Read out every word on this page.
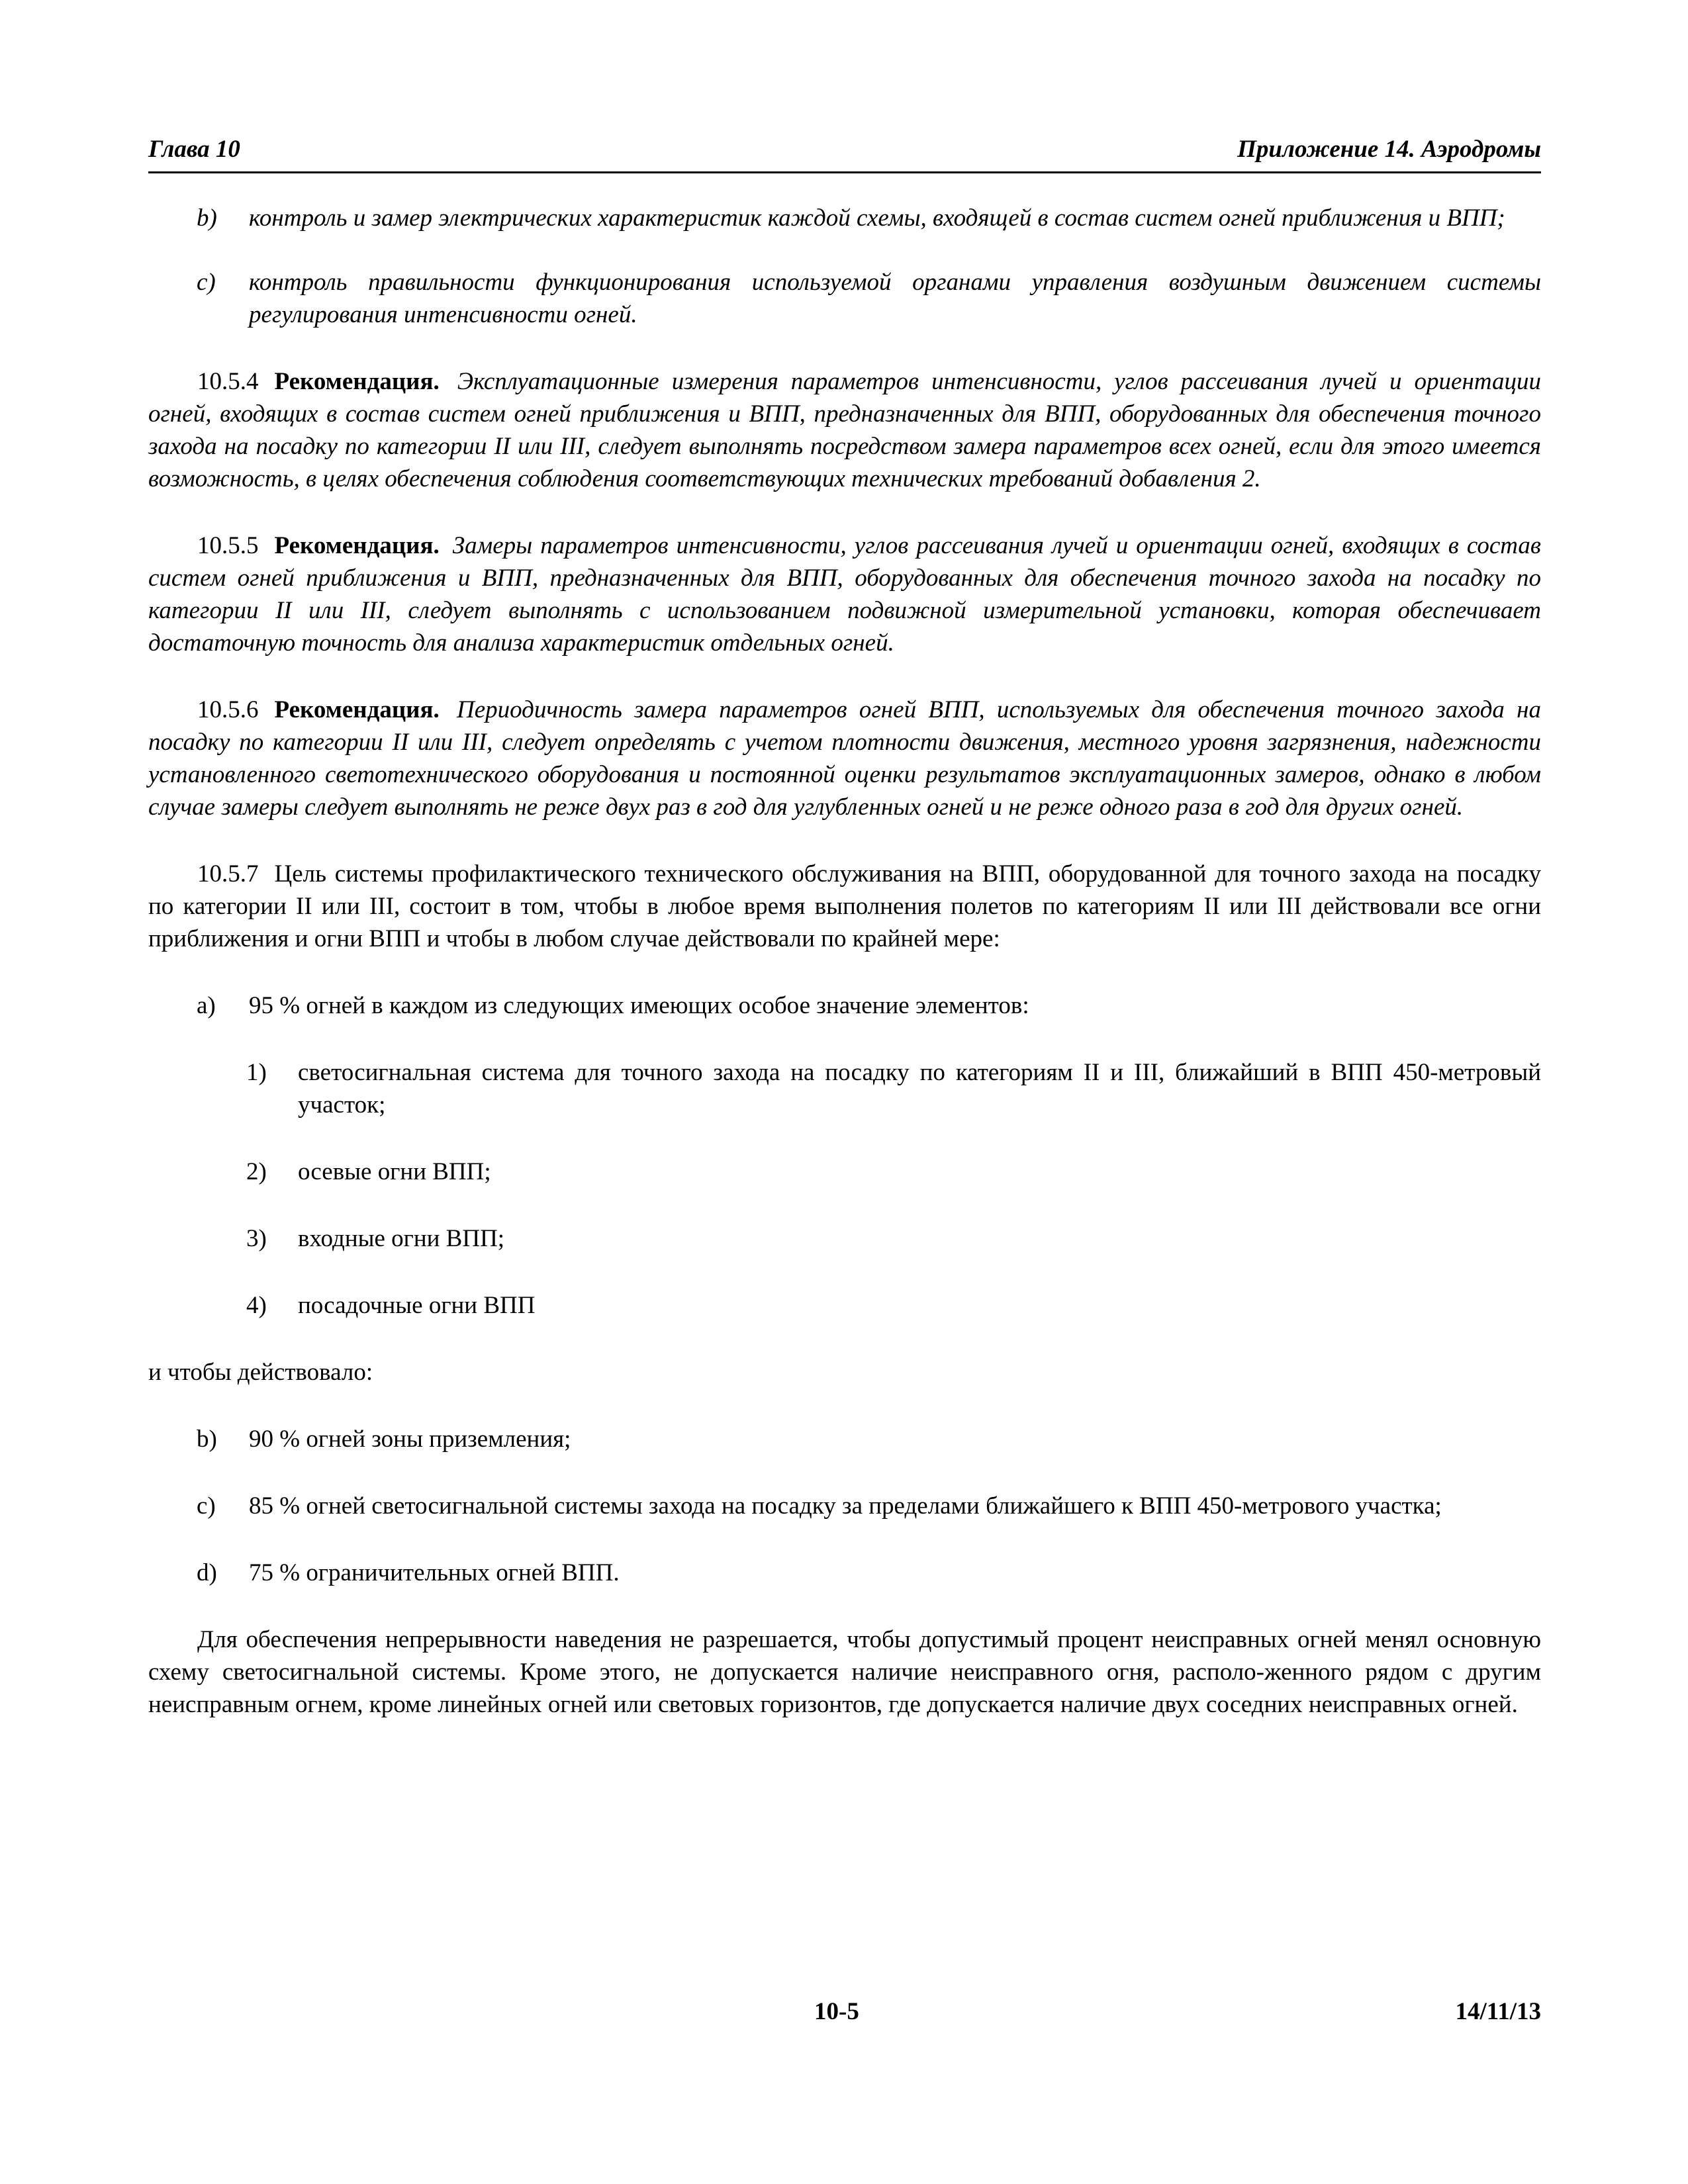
Глава 10	Приложение 14. Аэродромы
b) контроль и замер электрических характеристик каждой схемы, входящей в состав систем огней приближения и ВПП;
c) контроль правильности функционирования используемой органами управления воздушным движением системы регулирования интенсивности огней.

10.5.4 Рекомендация. Эксплуатационные измерения параметров интенсивности, углов рассеивания лучей и ориентации огней, входящих в состав систем огней приближения и ВПП, предназначенных для ВПП, оборудованных для обеспечения точного захода на посадку по категории II или III, следует выполнять посредством замера параметров всех огней, если для этого имеется возможность, в целях обеспечения соблюдения соответствующих технических требований добавления 2.

10.5.5 Рекомендация. Замеры параметров интенсивности, углов рассеивания лучей и ориентации огней, входящих в состав систем огней приближения и ВПП, предназначенных для ВПП, оборудованных для обеспечения точного захода на посадку по категории II или III, следует выполнять с использованием подвижной измерительной установки, которая обеспечивает достаточную точность для анализа характеристик отдельных огней.

10.5.6 Рекомендация. Периодичность замера параметров огней ВПП, используемых для обеспечения точного захода на посадку по категории II или III, следует определять с учетом плотности движения, местного уровня загрязнения, надежности установленного светотехнического оборудования и постоянной оценки результатов эксплуатационных замеров, однако в любом случае замеры следует выполнять не реже двух раз в год для углубленных огней и не реже одного раза в год для других огней.

10.5.7 Цель системы профилактического технического обслуживания на ВПП, оборудованной для точного захода на посадку по категории II или III, состоит в том, чтобы в любое время выполнения полетов по категориям II или III действовали все огни приближения и огни ВПП и чтобы в любом случае действовали по крайней мере:

a) 95 % огней в каждом из следующих имеющих особое значение элементов:
1) светосигнальная система для точного захода на посадку по категориям II и III, ближайший в ВПП 450-метровый участок;
2) осевые огни ВПП;
3) входные огни ВПП;
4) посадочные огни ВПП
и чтобы действовало:
b) 90 % огней зоны приземления;
c) 85 % огней светосигнальной системы захода на посадку за пределами ближайшего к ВПП 450-метрового участка;
d) 75 % ограничительных огней ВПП.

Для обеспечения непрерывности наведения не разрешается, чтобы допустимый процент неисправных огней менял основную схему светосигнальной системы. Кроме этого, не допускается наличие неисправного огня, располо-женного рядом с другим неисправным огнем, кроме линейных огней или световых горизонтов, где допускается наличие двух соседних неисправных огней.

10-5	14/11/13
